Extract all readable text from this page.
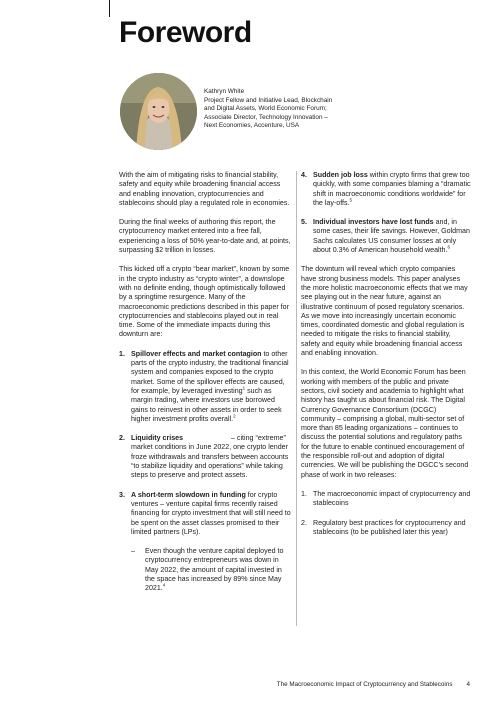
Foreword
Kathryn White
Project Fellow and Initiative Lead, Blockchain and Digital Assets, World Economic Forum; Associate Director, Technology Innovation – Next Economies, Accenture, USA

With the aim of mitigating risks to financial stability, safety and equity while broadening financial access and enabling innovation, cryptocurrencies and stablecoins should play a regulated role in economies.

During the final weeks of authoring this report, the cryptocurrency market entered into a free fall, experiencing a loss of 50% year-to-date and, at points, surpassing $2 trillion in losses.

This kicked off a crypto “bear market”, known by some in the crypto industry as “crypto winter”, a downslope with no definite ending, though optimistically followed by a springtime resurgence. Many of the macroeconomic predictions described in this paper for cryptocurrencies and stablecoins played out in real time. Some of the immediate impacts during this downturn are:

1. Spillover effects and market contagion to other parts of the crypto industry, the traditional financial system and companies exposed to the crypto market. Some of the spillover effects are caused, for example, by leveraged investing$^1$ such as margin trading, where investors use borrowed gains to reinvest in other assets in order to seek higher investment profits overall.$^2$
2. Liquidity crises	– citing “extreme” market conditions in June 2022, one crypto lender froze withdrawals and transfers between accounts “to stabilize liquidity and operations” while taking steps to preserve and protect assets.
3. A short-term slowdown in funding for crypto ventures – venture capital firms recently raised financing for crypto investment that will still need to be spent on the asset classes promised to their limited partners (LPs).
– Even though the venture capital deployed to cryptocurrency entrepreneurs was down in May 2022, the amount of capital invested in the space has increased by 89% since May 2021.$^4$
4. Sudden job loss within crypto firms that grew too quickly, with some companies blaming a “dramatic shift in macroeconomic conditions worldwide” for the lay-offs.$^5$
5. Individual investors have lost funds and, in some cases, their life savings. However, Goldman Sachs calculates US consumer losses at only about 0.3% of American household wealth.$^6$

The downturn will reveal which crypto companies have strong business models. This paper analyses the more holistic macroeconomic effects that we may see playing out in the near future, against an illustrative continuum of posed regulatory scenarios. As we move into increasingly uncertain economic times, coordinated domestic and global regulation is needed to mitigate the risks to financial stability, safety and equity while broadening financial access and enabling innovation.

In this context, the World Economic Forum has been working with members of the public and private sectors, civil society and academia to highlight what history has taught us about financial risk. The Digital Currency Governance Consortium (DCGC) community – comprising a global, multi-sector set of more than 85 leading organizations – continues to discuss the potential solutions and regulatory paths for the future to enable continued encouragement of the responsible roll-out and adoption of digital currencies. We will be publishing the DGCC’s second phase of work in two releases:

1. The macroeconomic impact of cryptocurrency and stablecoins
2. Regulatory best practices for cryptocurrency and stablecoins (to be published later this year)
The Macroeconomic Impact of Cryptocurrency and Stablecoins 4
